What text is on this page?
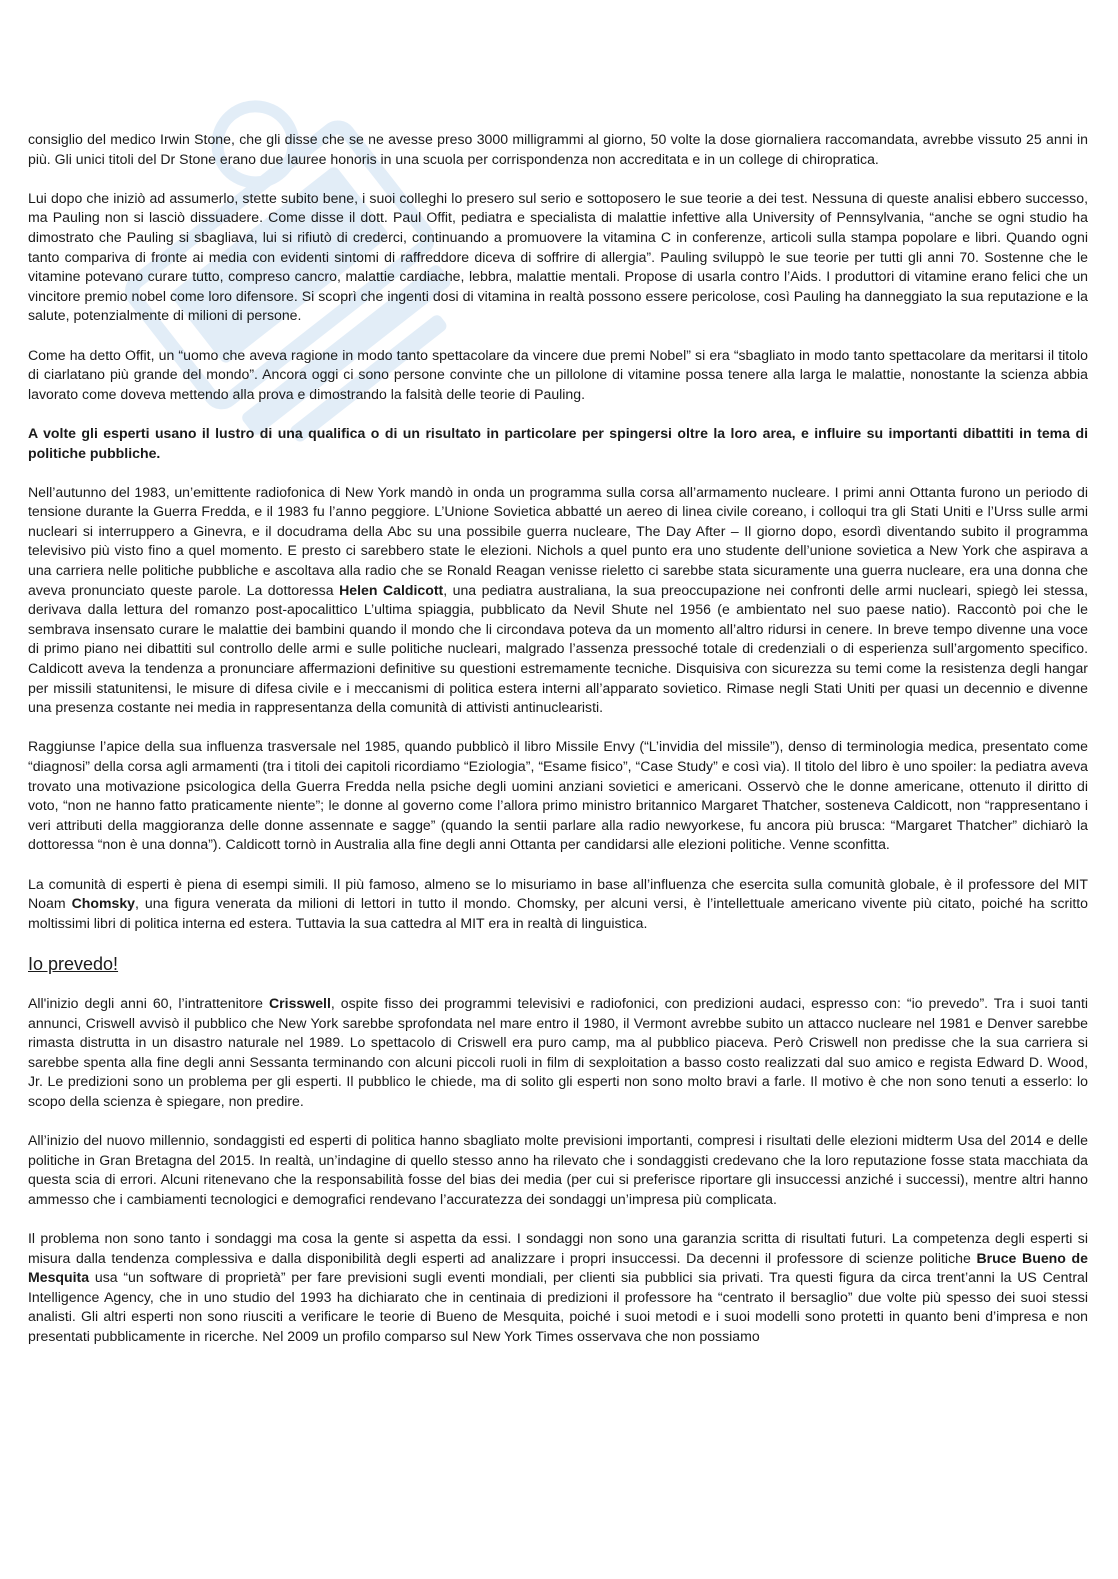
consiglio del medico Irwin Stone, che gli disse che se ne avesse preso 3000 milligrammi al giorno, 50 volte la dose giornaliera raccomandata, avrebbe vissuto 25 anni in più. Gli unici titoli del Dr Stone erano due lauree honoris in una scuola per corrispondenza non accreditata e in un college di chiropratica.

Lui dopo che iniziò ad assumerlo, stette subito bene, i suoi colleghi lo presero sul serio e sottoposero le sue teorie a dei test. Nessuna di queste analisi ebbero successo, ma Pauling non si lasciò dissuadere. Come disse il dott. Paul Offit, pediatra e specialista di malattie infettive alla University of Pennsylvania, “anche se ogni studio ha dimostrato che Pauling si sbagliava, lui si rifiutò di crederci, continuando a promuovere la vitamina C in conferenze, articoli sulla stampa popolare e libri. Quando ogni tanto compariva di fronte ai media con evidenti sintomi di raffreddore diceva di soffrire di allergia”. Pauling sviluppò le sue teorie per tutti gli anni 70. Sostenne che le vitamine potevano curare tutto, compreso cancro, malattie cardiache, lebbra, malattie mentali. Propose di usarla contro l’Aids. I produttori di vitamine erano felici che un vincitore premio nobel come loro difensore. Si scoprì che ingenti dosi di vitamina in realtà possono essere pericolose, così Pauling ha danneggiato la sua reputazione e la salute, potenzialmente di milioni di persone.

Come ha detto Offit, un “uomo che aveva ragione in modo tanto spettacolare da vincere due premi Nobel” si era “sbagliato in modo tanto spettacolare da meritarsi il titolo di ciarlatano più grande del mondo”. Ancora oggi ci sono persone convinte che un pillolone di vitamine possa tenere alla larga le malattie, nonostante la scienza abbia lavorato come doveva mettendo alla prova e dimostrando la falsità delle teorie di Pauling.

A volte gli esperti usano il lustro di una qualifica o di un risultato in particolare per spingersi oltre la loro area, e influire su importanti dibattiti in tema di politiche pubbliche.

Nell’autunno del 1983, un’emittente radiofonica di New York mandò in onda un programma sulla corsa all’armamento nucleare. I primi anni Ottanta furono un periodo di tensione durante la Guerra Fredda, e il 1983 fu l’anno peggiore. L’Unione Sovietica abbatté un aereo di linea civile coreano, i colloqui tra gli Stati Uniti e l’Urss sulle armi nucleari si interruppero a Ginevra, e il docudrama della Abc su una possibile guerra nucleare, The Day After – Il giorno dopo, esordì diventando subito il programma televisivo più visto fino a quel momento. E presto ci sarebbero state le elezioni. Nichols a quel punto era uno studente dell’unione sovietica a New York che aspirava a una carriera nelle politiche pubbliche e ascoltava alla radio che se Ronald Reagan venisse rieletto ci sarebbe stata sicuramente una guerra nucleare, era una donna che aveva pronunciato queste parole. La dottoressa Helen Caldicott, una pediatra australiana, la sua preoccupazione nei confronti delle armi nucleari, spiegò lei stessa, derivava dalla lettura del romanzo post-apocalittico L’ultima spiaggia, pubblicato da Nevil Shute nel 1956 (e ambientato nel suo paese natio). Raccontò poi che le sembrava insensato curare le malattie dei bambini quando il mondo che li circondava poteva da un momento all’altro ridursi in cenere. In breve tempo divenne una voce di primo piano nei dibattiti sul controllo delle armi e sulle politiche nucleari, malgrado l’assenza pressoché totale di credenziali o di esperienza sull’argomento specifico. Caldicott aveva la tendenza a pronunciare affermazioni definitive su questioni estremamente tecniche. Disquisiva con sicurezza su temi come la resistenza degli hangar per missili statunitensi, le misure di difesa civile e i meccanismi di politica estera interni all’apparato sovietico. Rimase negli Stati Uniti per quasi un decennio e divenne una presenza costante nei media in rappresentanza della comunità di attivisti antinuclearisti.

Raggiunse l’apice della sua influenza trasversale nel 1985, quando pubblicò il libro Missile Envy (“L’invidia del missile”), denso di terminologia medica, presentato come “diagnosi” della corsa agli armamenti (tra i titoli dei capitoli ricordiamo “Eziologia”, “Esame fisico”, “Case Study” e così via). Il titolo del libro è uno spoiler: la pediatra aveva trovato una motivazione psicologica della Guerra Fredda nella psiche degli uomini anziani sovietici e americani. Osservò che le donne americane, ottenuto il diritto di voto, “non ne hanno fatto praticamente niente”; le donne al governo come l’allora primo ministro britannico Margaret Thatcher, sosteneva Caldicott, non “rappresentano i veri attributi della maggioranza delle donne assennate e sagge” (quando la sentii parlare alla radio newyorkese, fu ancora più brusca: “Margaret Thatcher” dichiarò la dottoressa “non è una donna”). Caldicott tornò in Australia alla fine degli anni Ottanta per candidarsi alle elezioni politiche. Venne sconfitta.

La comunità di esperti è piena di esempi simili. Il più famoso, almeno se lo misuriamo in base all’influenza che esercita sulla comunità globale, è il professore del MIT Noam Chomsky, una figura venerata da milioni di lettori in tutto il mondo. Chomsky, per alcuni versi, è l’intellettuale americano vivente più citato, poiché ha scritto moltissimi libri di politica interna ed estera. Tuttavia la sua cattedra al MIT era in realtà di linguistica.

Io prevedo!

All'inizio degli anni 60, l’intrattenitore Crisswell, ospite fisso dei programmi televisivi e radiofonici, con predizioni audaci, espresso con: “io prevedo”. Tra i suoi tanti annunci, Criswell avvisò il pubblico che New York sarebbe sprofondata nel mare entro il 1980, il Vermont avrebbe subito un attacco nucleare nel 1981 e Denver sarebbe rimasta distrutta in un disastro naturale nel 1989. Lo spettacolo di Criswell era puro camp, ma al pubblico piaceva. Però Criswell non predisse che la sua carriera si sarebbe spenta alla fine degli anni Sessanta terminando con alcuni piccoli ruoli in film di sexploitation a basso costo realizzati dal suo amico e regista Edward D. Wood, Jr. Le predizioni sono un problema per gli esperti. Il pubblico le chiede, ma di solito gli esperti non sono molto bravi a farle. Il motivo è che non sono tenuti a esserlo: lo scopo della scienza è spiegare, non predire.

All’inizio del nuovo millennio, sondaggisti ed esperti di politica hanno sbagliato molte previsioni importanti, compresi i risultati delle elezioni midterm Usa del 2014 e delle politiche in Gran Bretagna del 2015. In realtà, un’indagine di quello stesso anno ha rilevato che i sondaggisti credevano che la loro reputazione fosse stata macchiata da questa scia di errori. Alcuni ritenevano che la responsabilità fosse del bias dei media (per cui si preferisce riportare gli insuccessi anziché i successi), mentre altri hanno ammesso che i cambiamenti tecnologici e demografici rendevano l’accuratezza dei sondaggi un’impresa più complicata.

Il problema non sono tanto i sondaggi ma cosa la gente si aspetta da essi. I sondaggi non sono una garanzia scritta di risultati futuri. La competenza degli esperti si misura dalla tendenza complessiva e dalla disponibilità degli esperti ad analizzare i propri insuccessi. Da decenni il professore di scienze politiche Bruce Bueno de Mesquita usa “un software di proprietà” per fare previsioni sugli eventi mondiali, per clienti sia pubblici sia privati. Tra questi figura da circa trent’anni la US Central Intelligence Agency, che in uno studio del 1993 ha dichiarato che in centinaia di predizioni il professore ha “centrato il bersaglio” due volte più spesso dei suoi stessi analisti. Gli altri esperti non sono riusciti a verificare le teorie di Bueno de Mesquita, poiché i suoi metodi e i suoi modelli sono protetti in quanto beni d’impresa e non presentati pubblicamente in ricerche. Nel 2009 un profilo comparso sul New York Times osservava che non possiamo
